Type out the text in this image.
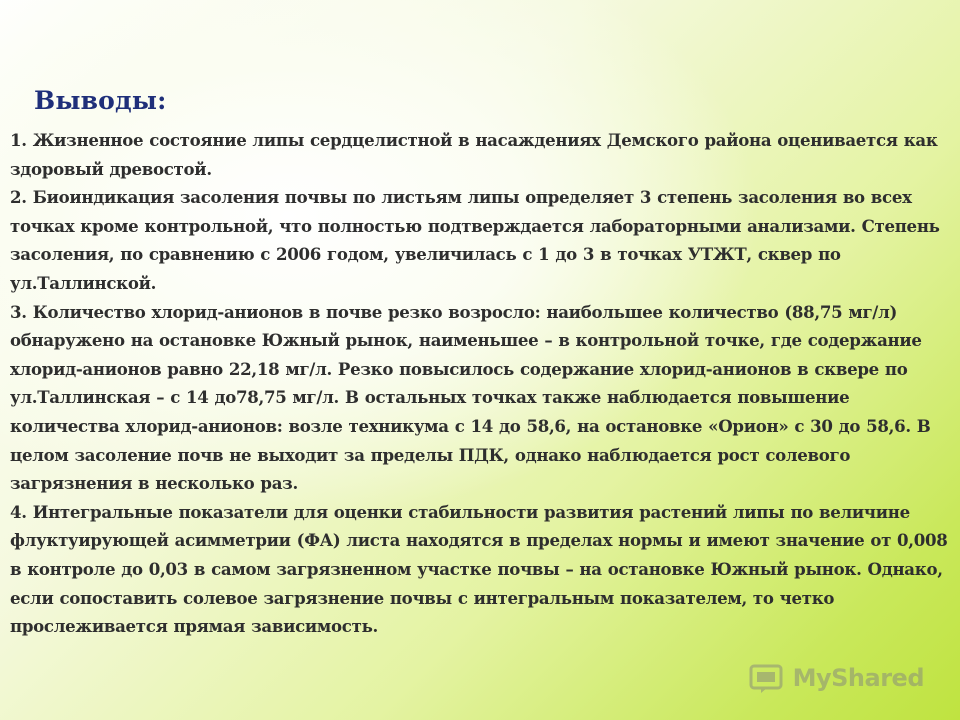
Выводы:

1. Жизненное состояние липы сердцелистной в насаждениях Демского района оценивается как здоровый древостой.

2. Биоиндикация засоления почвы по листьям липы определяет 3 степень засоления во всех точках кроме контрольной, что полностью подтверждается лабораторными анализами. Степень засоления, по сравнению с 2006 годом, увеличилась с 1 до 3 в точках УТЖТ, сквер по ул.Таллинской.

3. Количество хлорид-анионов в почве резко возросло: наибольшее количество (88,75 мг/л) обнаружено на остановке Южный рынок, наименьшее – в контрольной точке, где содержание хлорид-анионов равно 22,18 мг/л. Резко повысилось содержание хлорид-анионов в сквере по ул.Таллинская – с 14 до78,75 мг/л. В остальных точках также наблюдается повышение количества хлорид-анионов: возле техникума с 14 до 58,6, на остановке «Орион» с 30 до 58,6. В целом засоление почв не выходит за пределы ПДК, однако наблюдается рост солевого загрязнения в несколько раз.

4. Интегральные показатели для оценки стабильности развития растений липы по величине флуктуирующей асимметрии (ФА) листа находятся в пределах нормы и имеют значение от 0,008 в контроле до 0,03 в самом загрязненном участке почвы – на остановке Южный рынок. Однако, если сопоставить солевое загрязнение почвы с интегральным показателем, то четко прослеживается прямая зависимость.

MyShared
